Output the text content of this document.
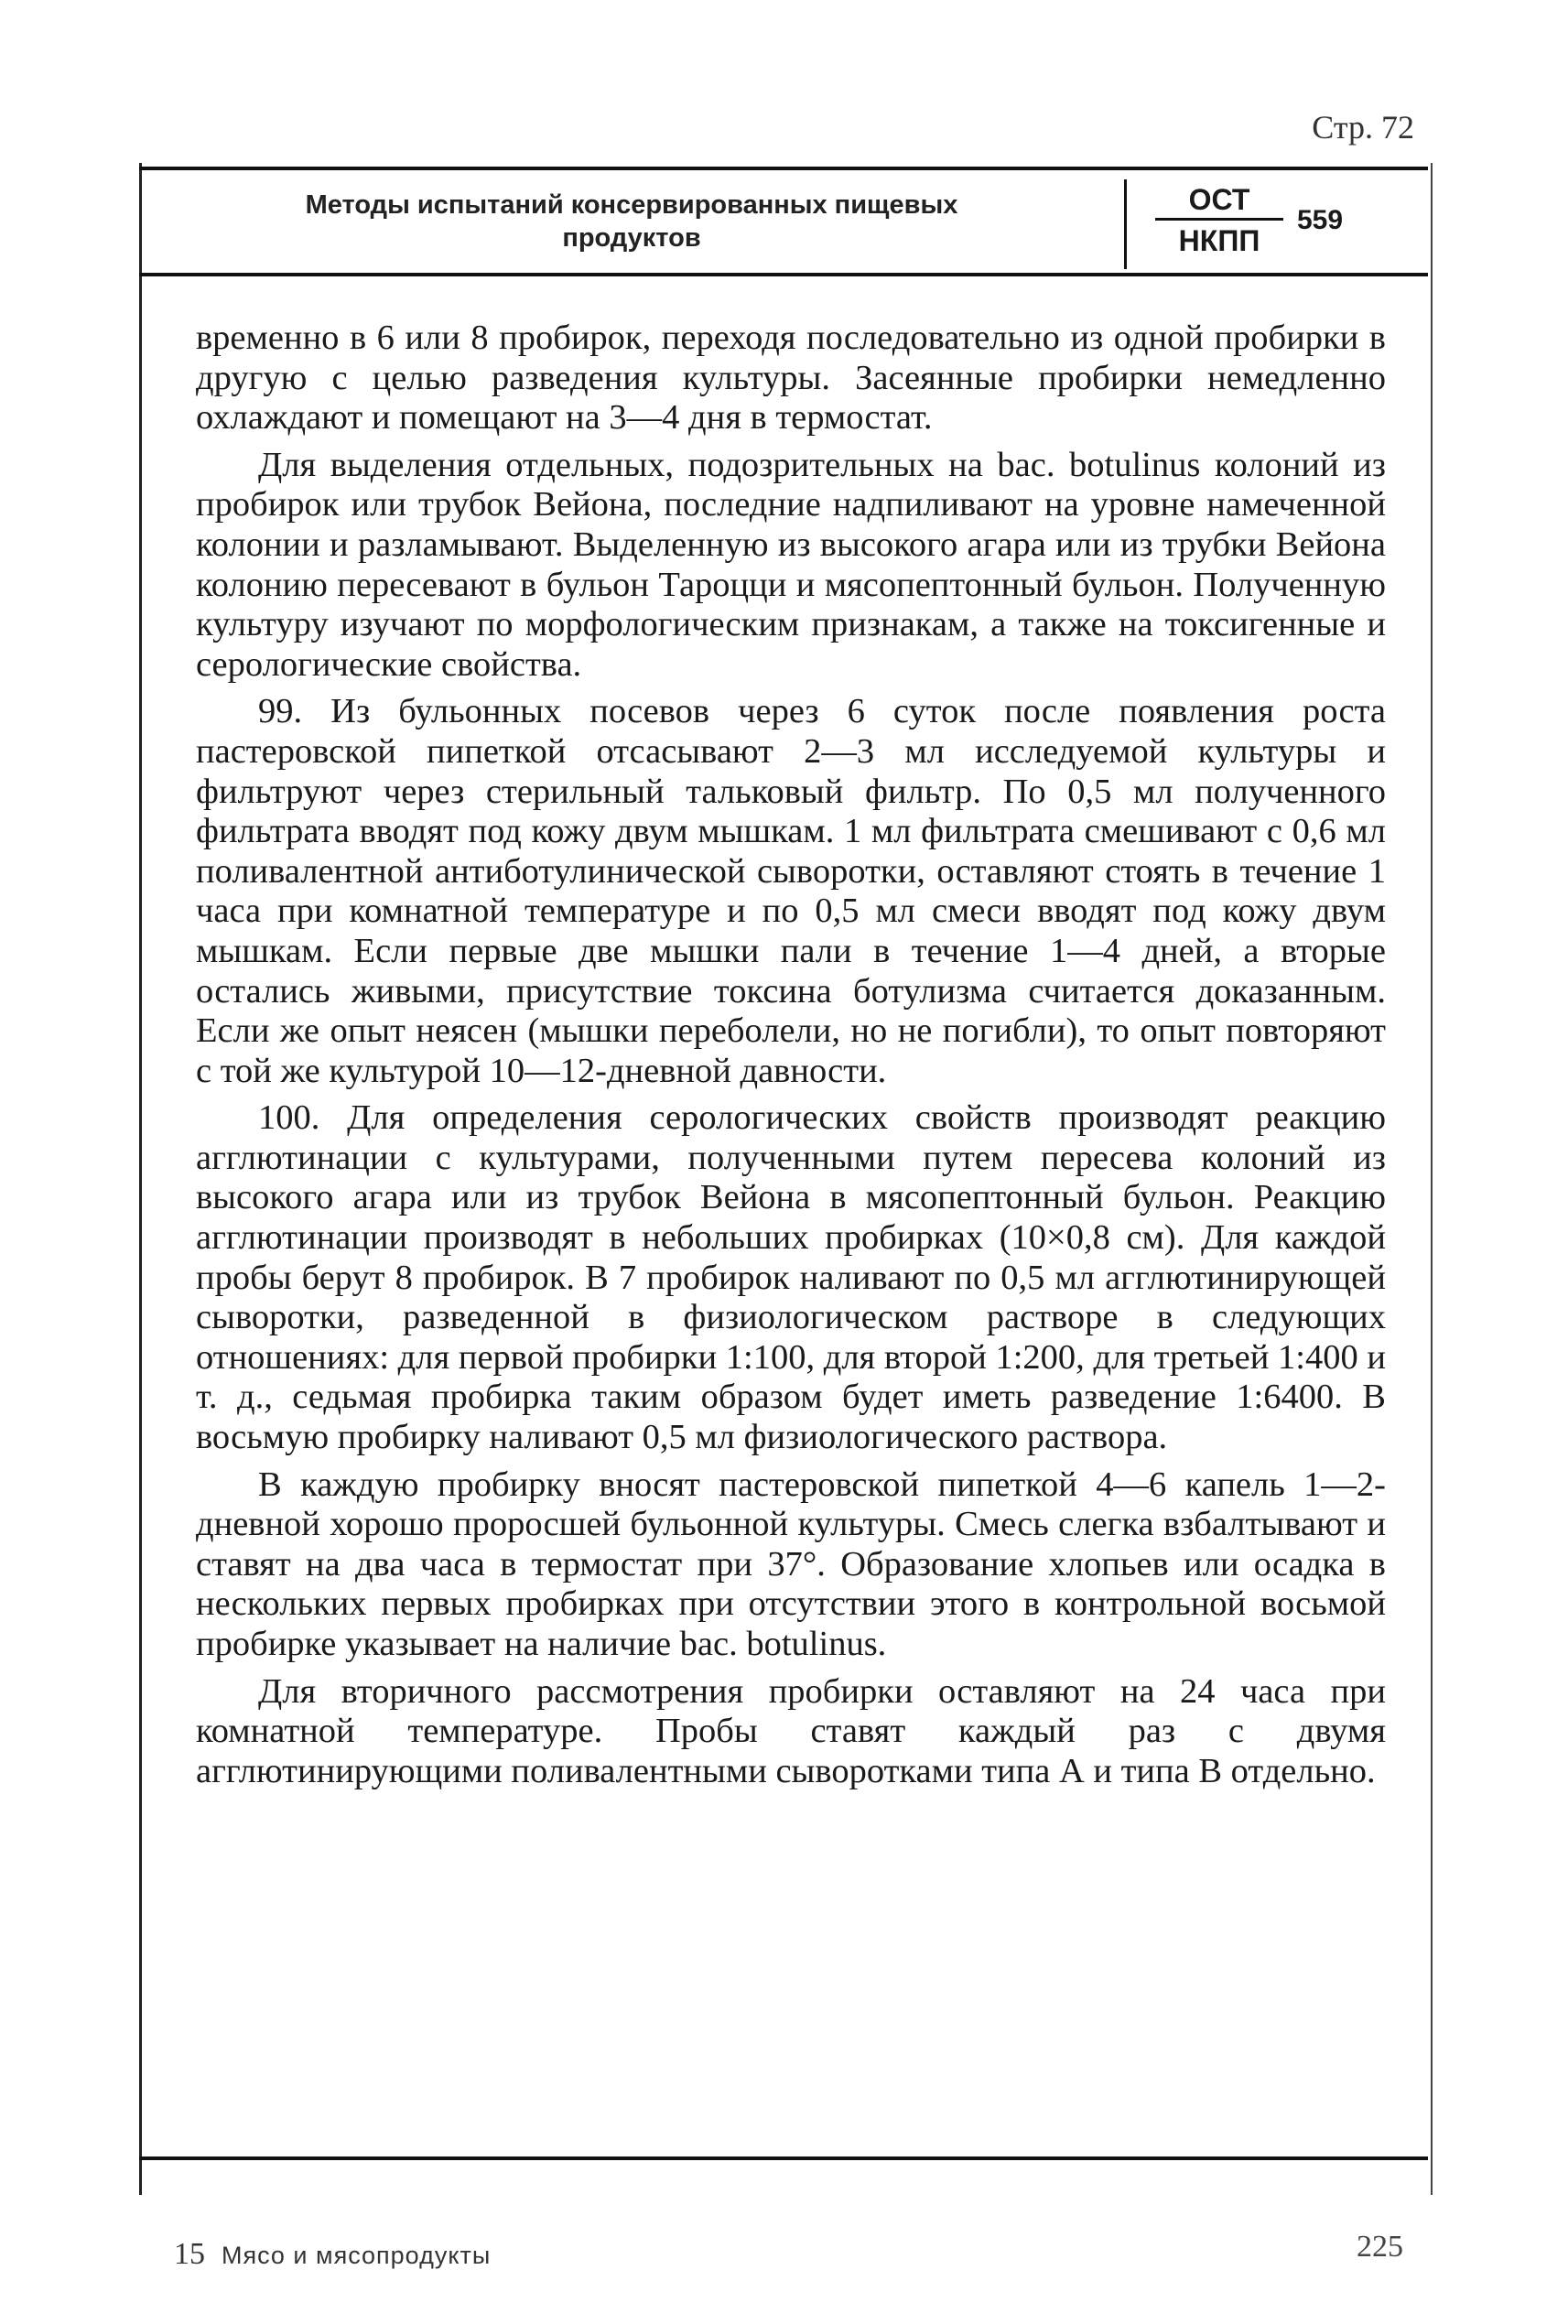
Стр. 72
Методы испытаний консервированных пищевых
продуктов
ОСТ
НКПП
559

временно в 6 или 8 пробирок, переходя последовательно из одной пробирки в другую с целью разведения культуры. Засеянные пробирки немедленно охлаждают и помещают на 3—4 дня в термостат.

Для выделения отдельных, подозрительных на bac. botulinus колоний из пробирок или трубок Вейона, последние надпиливают на уровне намеченной колонии и разламывают. Выделенную из высокого агара или из трубки Вейона колонию пересевают в бульон Тароцци и мясопептонный бульон. Полученную культуру изучают по морфологическим признакам, а также на токсигенные и серологические свойства.

99. Из бульонных посевов через 6 суток после появления роста пастеровской пипеткой отсасывают 2—3 мл исследуемой культуры и фильтруют через стерильный тальковый фильтр. По 0,5 мл полученного фильтрата вводят под кожу двум мышкам. 1 мл фильтрата смешивают с 0,6 мл поливалентной антиботулинической сыворотки, оставляют стоять в течение 1 часа при комнатной температуре и по 0,5 мл смеси вводят под кожу двум мышкам. Если первые две мышки пали в течение 1—4 дней, а вторые остались живыми, присутствие токсина ботулизма считается доказанным. Если же опыт неясен (мышки переболели, но не погибли), то опыт повторяют с той же культурой 10—12-дневной давности.

100. Для определения серологических свойств производят реакцию агглютинации с культурами, полученными путем пересева колоний из высокого агара или из трубок Вейона в мясопептонный бульон. Реакцию агглютинации производят в небольших пробирках (10×0,8 см). Для каждой пробы берут 8 пробирок. В 7 пробирок наливают по 0,5 мл агглютинирующей сыворотки, разведенной в физиологическом растворе в следующих отношениях: для первой пробирки 1:100, для второй 1:200, для третьей 1:400 и т. д., седьмая пробирка таким образом будет иметь разведение 1:6400. В восьмую пробирку наливают 0,5 мл физиологического раствора.

В каждую пробирку вносят пастеровской пипеткой 4—6 капель 1—2-дневной хорошо проросшей бульонной культуры. Смесь слегка взбалтывают и ставят на два часа в термостат при 37°. Образование хлопьев или осадка в нескольких первых пробирках при отсутствии этого в контрольной восьмой пробирке указывает на наличие bac. botulinus.

Для вторичного рассмотрения пробирки оставляют на 24 часа при комнатной температуре. Пробы ставят каждый раз с двумя агглютинирующими поливалентными сыворотками типа А и типа В отдельно.

15 Мясо и мясопродукты	225
